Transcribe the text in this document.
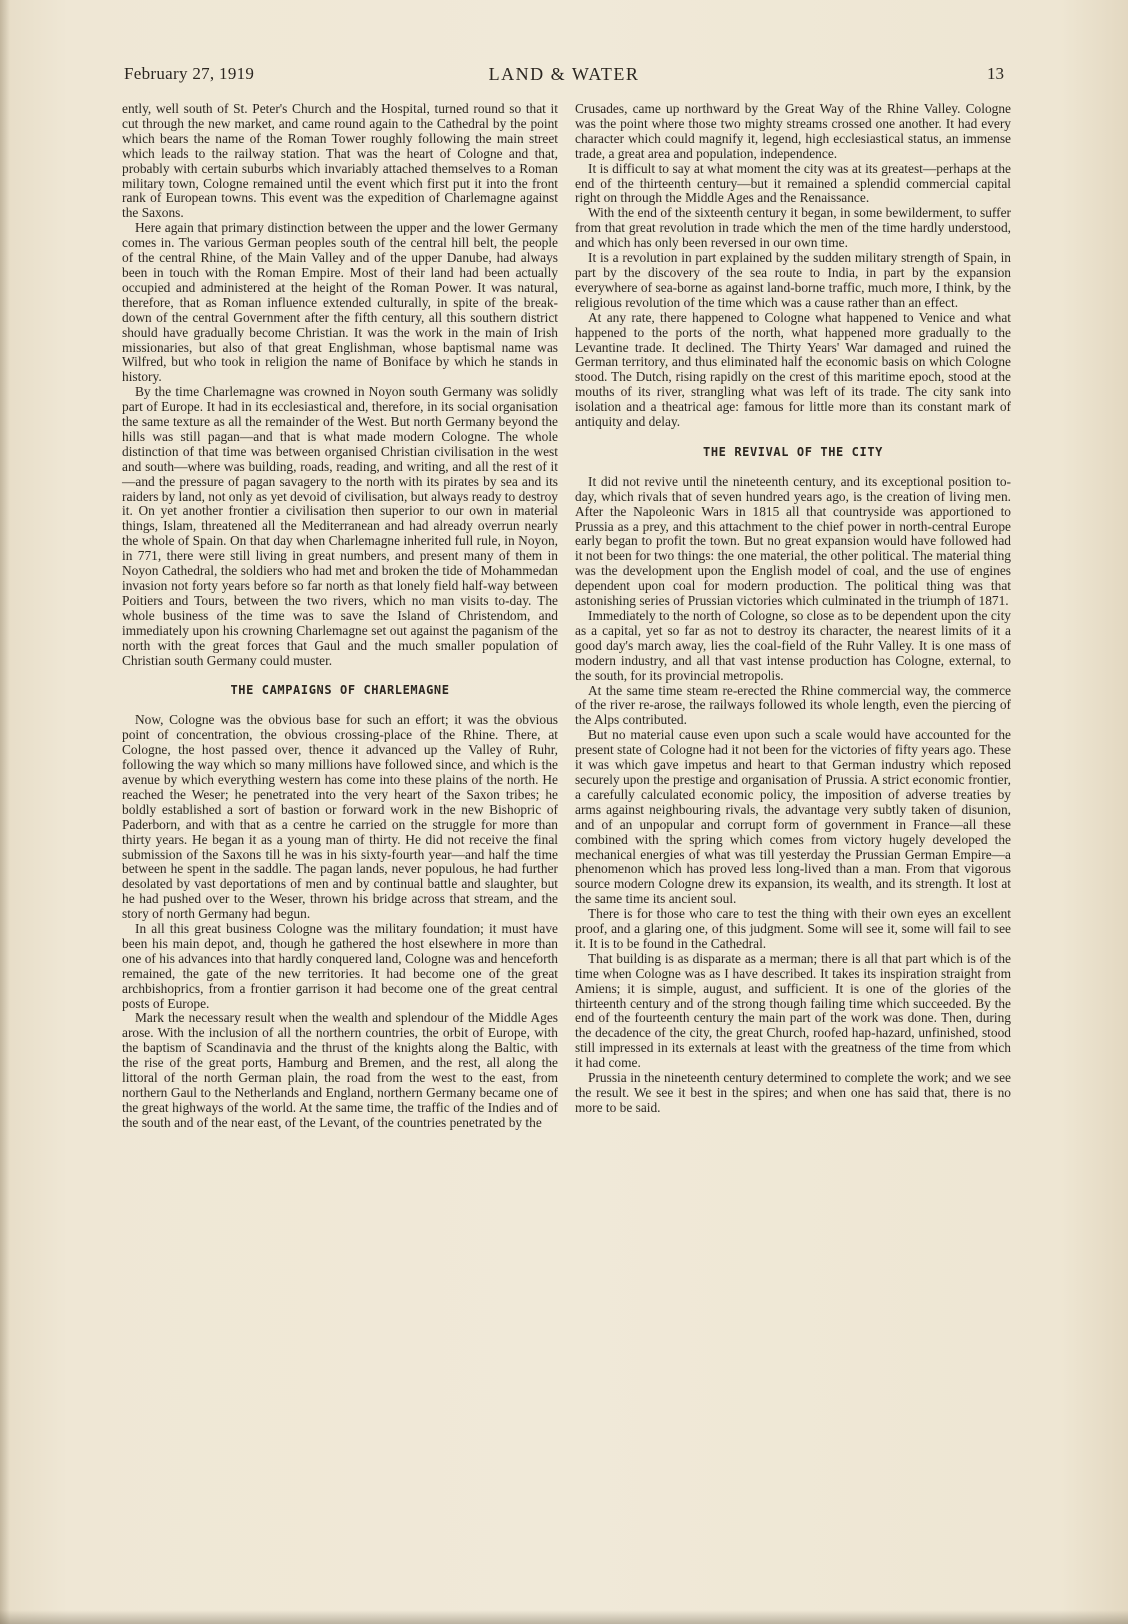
February 27, 1919	LAND & WATER	13

ently, well south of St. Peter's Church and the Hospital, turned round so that it cut through the new market, and came round again to the Cathedral by the point which bears the name of the Roman Tower roughly following the main street which leads to the railway station. That was the heart of Cologne and that, probably with certain suburbs which invariably attached themselves to a Roman military town, Cologne remained until the event which first put it into the front rank of European towns. This event was the expedition of Charlemagne against the Saxons.

Here again that primary distinction between the upper and the lower Germany comes in. The various German peoples south of the central hill belt, the people of the central Rhine, of the Main Valley and of the upper Danube, had always been in touch with the Roman Empire. Most of their land had been actually occupied and administered at the height of the Roman Power. It was natural, therefore, that as Roman influence extended culturally, in spite of the break-down of the central Government after the fifth century, all this southern district should have gradually become Christian. It was the work in the main of Irish missionaries, but also of that great Englishman, whose baptismal name was Wilfred, but who took in religion the name of Boniface by which he stands in history.

By the time Charlemagne was crowned in Noyon south Germany was solidly part of Europe. It had in its ecclesiastical and, therefore, in its social organisation the same texture as all the remainder of the West. But north Germany beyond the hills was still pagan—and that is what made modern Cologne. The whole distinction of that time was between organised Christian civilisation in the west and south—where was building, roads, reading, and writing, and all the rest of it—and the pressure of pagan savagery to the north with its pirates by sea and its raiders by land, not only as yet devoid of civilisation, but always ready to destroy it. On yet another frontier a civilisation then superior to our own in material things, Islam, threatened all the Mediterranean and had already overrun nearly the whole of Spain. On that day when Charlemagne inherited full rule, in Noyon, in 771, there were still living in great numbers, and present many of them in Noyon Cathedral, the soldiers who had met and broken the tide of Mohammedan invasion not forty years before so far north as that lonely field half-way between Poitiers and Tours, between the two rivers, which no man visits to-day. The whole business of the time was to save the Island of Christendom, and immediately upon his crowning Charlemagne set out against the paganism of the north with the great forces that Gaul and the much smaller population of Christian south Germany could muster.

THE CAMPAIGNS OF CHARLEMAGNE

Now, Cologne was the obvious base for such an effort; it was the obvious point of concentration, the obvious crossing-place of the Rhine. There, at Cologne, the host passed over, thence it advanced up the Valley of Ruhr, following the way which so many millions have followed since, and which is the avenue by which everything western has come into these plains of the north. He reached the Weser; he penetrated into the very heart of the Saxon tribes; he boldly established a sort of bastion or forward work in the new Bishopric of Paderborn, and with that as a centre he carried on the struggle for more than thirty years. He began it as a young man of thirty. He did not receive the final submission of the Saxons till he was in his sixty-fourth year—and half the time between he spent in the saddle. The pagan lands, never populous, he had further desolated by vast deportations of men and by continual battle and slaughter, but he had pushed over to the Weser, thrown his bridge across that stream, and the story of north Germany had begun.

In all this great business Cologne was the military foundation; it must have been his main depot, and, though he gathered the host elsewhere in more than one of his advances into that hardly conquered land, Cologne was and henceforth remained, the gate of the new territories. It had become one of the great archbishoprics, from a frontier garrison it had become one of the great central posts of Europe.

Mark the necessary result when the wealth and splendour of the Middle Ages arose. With the inclusion of all the northern countries, the orbit of Europe, with the baptism of Scandinavia and the thrust of the knights along the Baltic, with the rise of the great ports, Hamburg and Bremen, and the rest, all along the littoral of the north German plain, the road from the west to the east, from northern Gaul to the Netherlands and England, northern Germany became one of the great highways of the world. At the same time, the traffic of the Indies and of the south and of the near east, of the Levant, of the countries penetrated by the

Crusades, came up northward by the Great Way of the Rhine Valley. Cologne was the point where those two mighty streams crossed one another. It had every character which could magnify it, legend, high ecclesiastical status, an immense trade, a great area and population, independence.

It is difficult to say at what moment the city was at its greatest—perhaps at the end of the thirteenth century—but it remained a splendid commercial capital right on through the Middle Ages and the Renaissance.

With the end of the sixteenth century it began, in some bewilderment, to suffer from that great revolution in trade which the men of the time hardly understood, and which has only been reversed in our own time.

It is a revolution in part explained by the sudden military strength of Spain, in part by the discovery of the sea route to India, in part by the expansion everywhere of sea-borne as against land-borne traffic, much more, I think, by the religious revolution of the time which was a cause rather than an effect.

At any rate, there happened to Cologne what happened to Venice and what happened to the ports of the north, what happened more gradually to the Levantine trade. It declined. The Thirty Years' War damaged and ruined the German territory, and thus eliminated half the economic basis on which Cologne stood. The Dutch, rising rapidly on the crest of this maritime epoch, stood at the mouths of its river, strangling what was left of its trade. The city sank into isolation and a theatrical age: famous for little more than its constant mark of antiquity and delay.

THE REVIVAL OF THE CITY

It did not revive until the nineteenth century, and its exceptional position to-day, which rivals that of seven hundred years ago, is the creation of living men. After the Napoleonic Wars in 1815 all that countryside was apportioned to Prussia as a prey, and this attachment to the chief power in north-central Europe early began to profit the town. But no great expansion would have followed had it not been for two things: the one material, the other political. The material thing was the development upon the English model of coal, and the use of engines dependent upon coal for modern production. The political thing was that astonishing series of Prussian victories which culminated in the triumph of 1871.

Immediately to the north of Cologne, so close as to be dependent upon the city as a capital, yet so far as not to destroy its character, the nearest limits of it a good day's march away, lies the coal-field of the Ruhr Valley. It is one mass of modern industry, and all that vast intense production has Cologne, external, to the south, for its provincial metropolis.

At the same time steam re-erected the Rhine commercial way, the commerce of the river re-arose, the railways followed its whole length, even the piercing of the Alps contributed.

But no material cause even upon such a scale would have accounted for the present state of Cologne had it not been for the victories of fifty years ago. These it was which gave impetus and heart to that German industry which reposed securely upon the prestige and organisation of Prussia. A strict economic frontier, a carefully calculated economic policy, the imposition of adverse treaties by arms against neighbouring rivals, the advantage very subtly taken of disunion, and of an unpopular and corrupt form of government in France—all these combined with the spring which comes from victory hugely developed the mechanical energies of what was till yesterday the Prussian German Empire—a phenomenon which has proved less long-lived than a man. From that vigorous source modern Cologne drew its expansion, its wealth, and its strength. It lost at the same time its ancient soul.

There is for those who care to test the thing with their own eyes an excellent proof, and a glaring one, of this judgment. Some will see it, some will fail to see it. It is to be found in the Cathedral.

That building is as disparate as a merman; there is all that part which is of the time when Cologne was as I have described. It takes its inspiration straight from Amiens; it is simple, august, and sufficient. It is one of the glories of the thirteenth century and of the strong though failing time which succeeded. By the end of the fourteenth century the main part of the work was done. Then, during the decadence of the city, the great Church, roofed hap-hazard, unfinished, stood still impressed in its externals at least with the greatness of the time from which it had come.

Prussia in the nineteenth century determined to complete the work; and we see the result. We see it best in the spires; and when one has said that, there is no more to be said.
